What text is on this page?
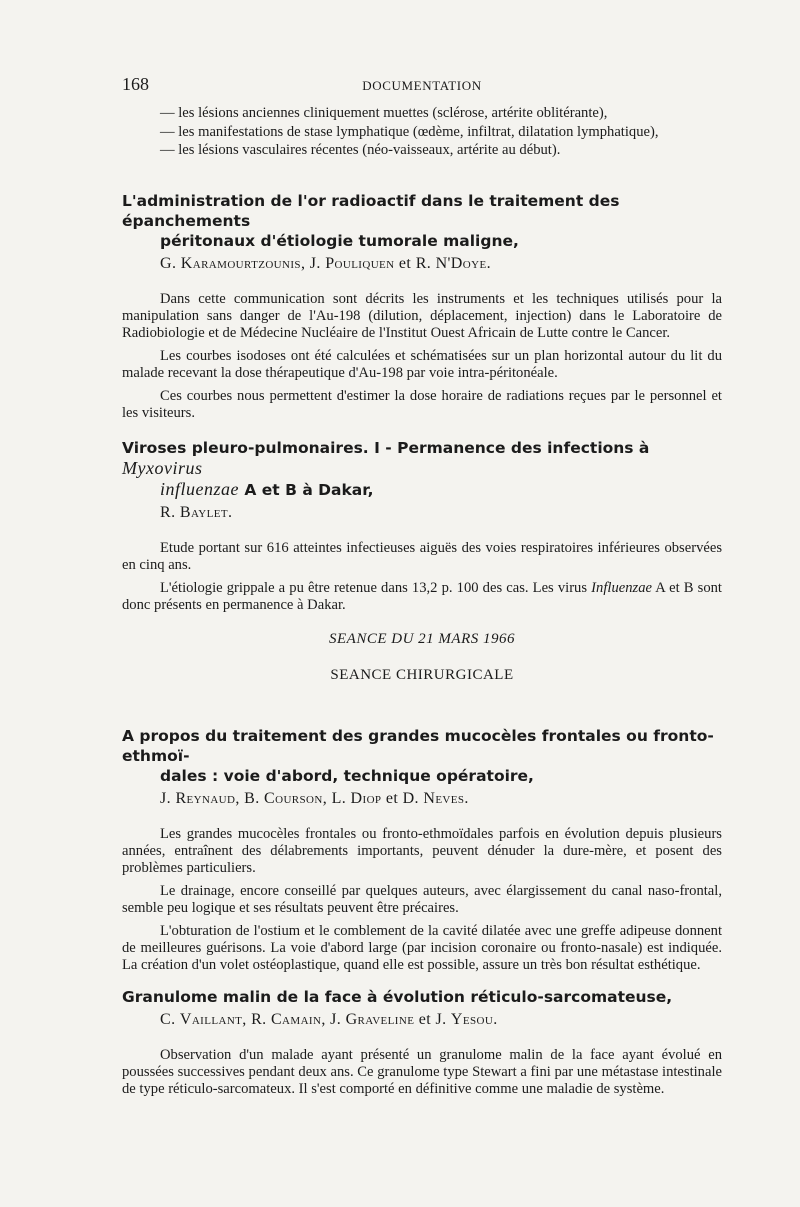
168	DOCUMENTATION
— les lésions anciennes cliniquement muettes (sclérose, artérite oblitérante),
— les manifestations de stase lymphatique (œdème, infiltrat, dilatation lymphatique),
— les lésions vasculaires récentes (néo-vaisseaux, artérite au début).
L'administration de l'or radioactif dans le traitement des épanchements
péritonaux d'étiologie tumorale maligne,
G. Karamourtzounis, J. Pouliquen et R. N'Doye.

Dans cette communication sont décrits les instruments et les techniques utilisés pour la manipulation sans danger de l'Au-198 (dilution, déplacement, injection) dans le Laboratoire de Radiobiologie et de Médecine Nucléaire de l'Institut Ouest Africain de Lutte contre le Cancer.

Les courbes isodoses ont été calculées et schématisées sur un plan horizontal autour du lit du malade recevant la dose thérapeutique d'Au-198 par voie intra-péritonéale.

Ces courbes nous permettent d'estimer la dose horaire de radiations reçues par le personnel et les visiteurs.

Viroses pleuro-pulmonaires. I - Permanence des infections à Myxovirus
influenzae A et B à Dakar,
R. Baylet.

Etude portant sur 616 atteintes infectieuses aiguës des voies respiratoires inférieures observées en cinq ans.

L'étiologie grippale a pu être retenue dans 13,2 p. 100 des cas. Les virus Influenzae A et B sont donc présents en permanence à Dakar.

SEANCE DU 21 MARS 1966
SEANCE CHIRURGICALE
A propos du traitement des grandes mucocèles frontales ou fronto-ethmoï-
dales : voie d'abord, technique opératoire,
J. Reynaud, B. Courson, L. Diop et D. Neves.

Les grandes mucocèles frontales ou fronto-ethmoïdales parfois en évolution depuis plusieurs années, entraînent des délabrements importants, peuvent dénuder la dure-mère, et posent des problèmes particuliers.

Le drainage, encore conseillé par quelques auteurs, avec élargissement du canal naso-frontal, semble peu logique et ses résultats peuvent être précaires.

L'obturation de l'ostium et le comblement de la cavité dilatée avec une greffe adipeuse donnent de meilleures guérisons. La voie d'abord large (par incision coronaire ou fronto-nasale) est indiquée. La création d'un volet ostéoplastique, quand elle est possible, assure un très bon résultat esthétique.

Granulome malin de la face à évolution réticulo-sarcomateuse,
C. Vaillant, R. Camain, J. Graveline et J. Yesou.

Observation d'un malade ayant présenté un granulome malin de la face ayant évolué en poussées successives pendant deux ans. Ce granulome type Stewart a fini par une métastase intestinale de type réticulo-sarcomateux. Il s'est comporté en définitive comme une maladie de système.
